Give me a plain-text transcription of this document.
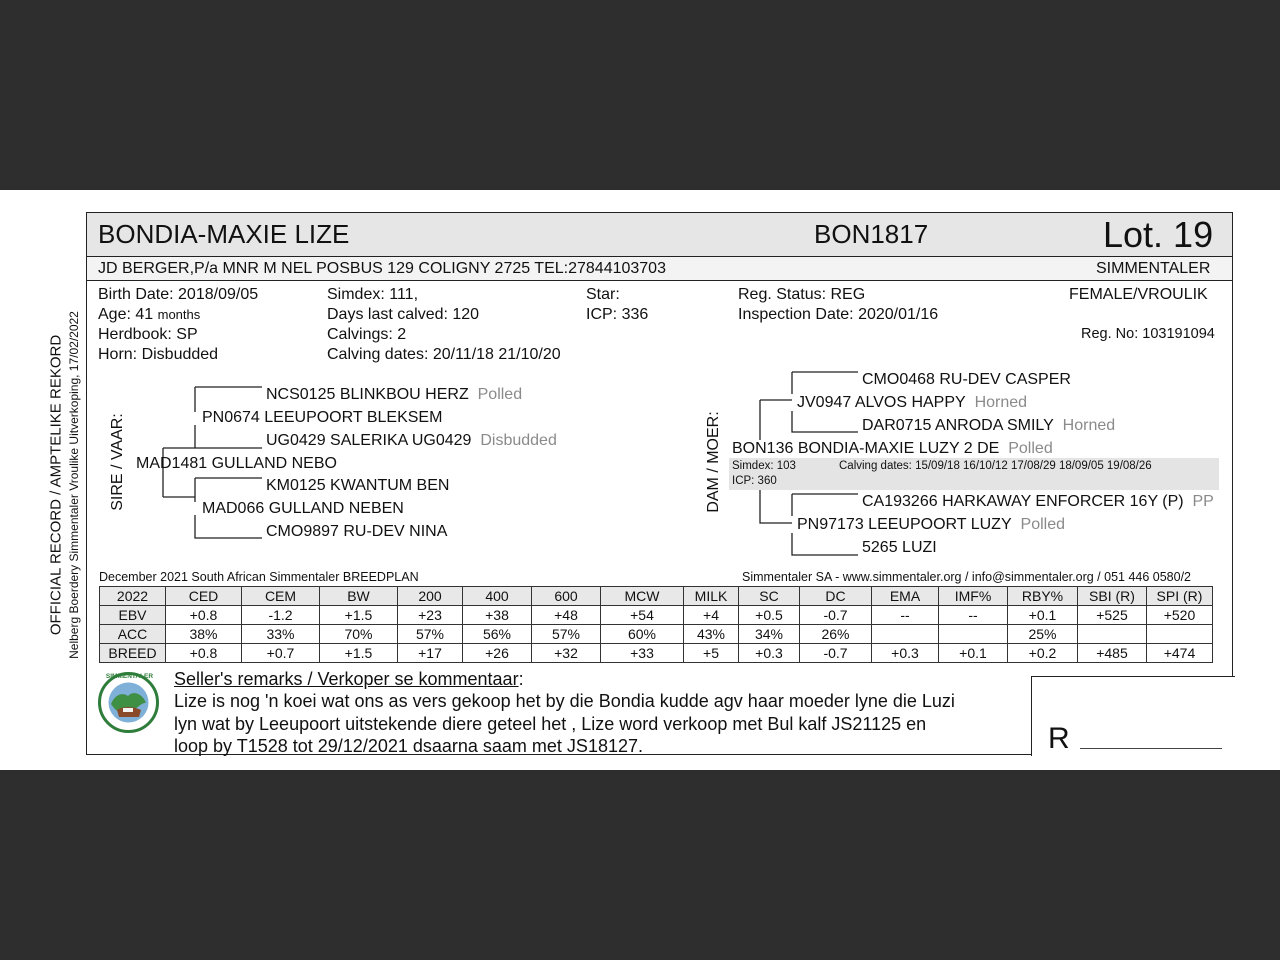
OFFICIAL RECORD / AMPTELIKE REKORD Nelberg Boerdery Simmentaler Vroulike Uitverkoping, 17/02/2022
BONDIA-MAXIE LIZE	BON1817	Lot. 19
JD BERGER,P/a MNR M NEL POSBUS 129 COLIGNY 2725 TEL:27844103703	SIMMENTALER
Birth Date: 2018/09/05
Age: 41 months
Herdbook: SP
Horn: Disbudded
Simdex: 111,
Days last calved: 120
Calvings: 2
Calving dates: 20/11/18 21/10/20
Star:
ICP: 336
Reg. Status: REG
Inspection Date: 2020/01/16
FEMALE/VROULIK
Reg. No: 103191094
SIRE / VAAR:	DAM / MOER:
NCS0125 BLINKBOU HERZ Polled
PN0674 LEEUPOORT BLEKSEM
UG0429 SALERIKA UG0429 Disbudded
MAD1481 GULLAND NEBO
KM0125 KWANTUM BEN
MAD066 GULLAND NEBEN
CMO9897 RU-DEV NINA
CMO0468 RU-DEV CASPER
JV0947 ALVOS HAPPY Horned
DAR0715 ANRODA SMILY Horned
BON136 BONDIA-MAXIE LUZY 2 DE Polled
Simdex: 103	Calving dates: 15/09/18 16/10/12 17/08/29 18/09/05 19/08/26
ICP: 360
CA193266 HARKAWAY ENFORCER 16Y (P) PP
PN97173 LEEUPOORT LUZY Polled
5265 LUZI
December 2021 South African Simmentaler BREEDPLAN	Simmentaler SA - www.simmentaler.org / info@simmentaler.org / 051 446 0580/2
2022	CED	CEM	BW	200	400	600	MCW	MILK	SC	DC	EMA	IMF%	RBY%	SBI (R)	SPI (R)
EBV	+0.8	-1.2	+1.5	+23	+38	+48	+54	+4	+0.5	-0.7	--	--	+0.1	+525	+520
ACC	38%	33%	70%	57%	56%	57%	60%	43%	34%	26%			25%		
BREED	+0.8	+0.7	+1.5	+17	+26	+32	+33	+5	+0.3	-0.7	+0.3	+0.1	+0.2	+485	+474
SIMMENTALER Seller's remarks / Verkoper se kommentaar:
Lize is nog 'n koei wat ons as vers gekoop het by die Bondia kudde agv haar moeder lyne die Luzi
lyn wat by Leeupoort uitstekende diere geteel het , Lize word verkoop met Bul kalf JS21125 en
loop by T1528 tot 29/12/2021 dsaarna saam met JS18127.	R
